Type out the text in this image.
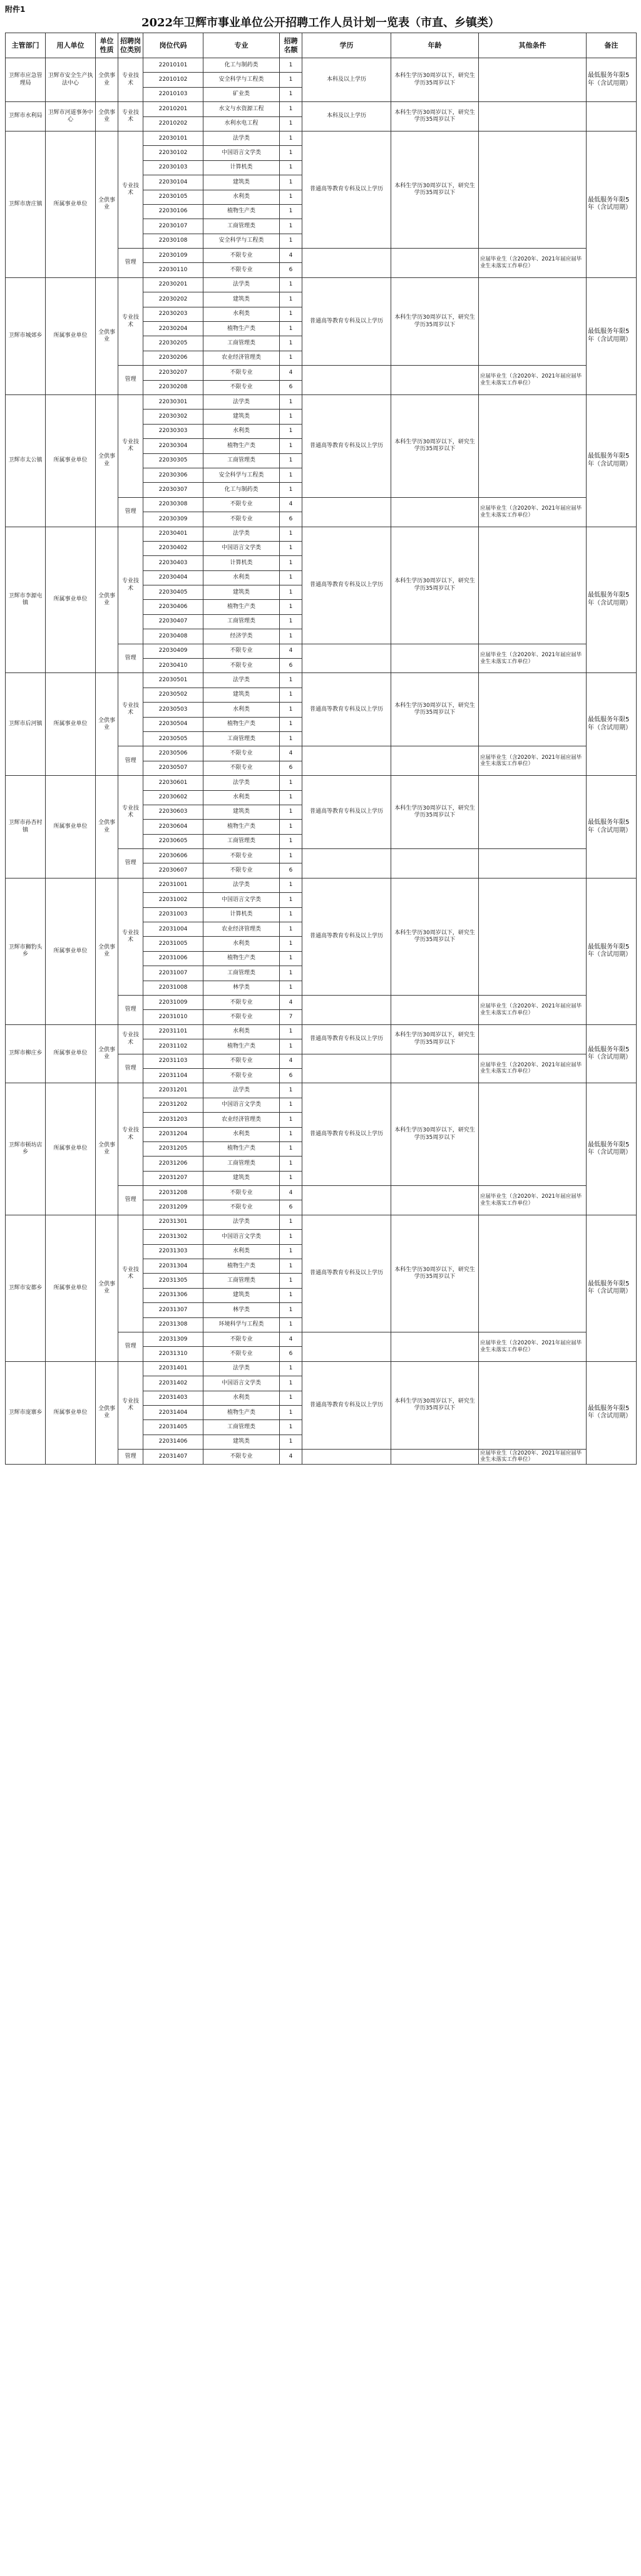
附件1
2022年卫辉市事业单位公开招聘工作人员计划一览表（市直、乡镇类）
主管部门	用人单位	单位性质	招聘岗位类别	岗位代码	专业	招聘名额	学历	年龄	其他条件	备注
卫辉市应急管理局	卫辉市安全生产执法中心	全供事业	专业技术	22010101	化工与制药类	1	本科及以上学历	本科生学历30周岁以下，研究生学历35周岁以下		最低服务年限5年（含试用期）
				22010102	安全科学与工程类	1				
				22010103	矿业类	1				
卫辉市水利局	卫辉市河道事务中心	全供事业	专业技术	22010201	水文与水资源工程	1	本科及以上学历	本科生学历30周岁以下，研究生学历35周岁以下		
				22010202	水利水电工程	1				
卫辉市唐庄镇	所属事业单位	全供事业	专业技术	22030101	法学类	1	普通高等教育专科及以上学历	本科生学历30周岁以下，研究生学历35周岁以下		最低服务年限5年（含试用期）
				22030102	中国语言文学类	1				
				22030103	计算机类	1				
				22030104	建筑类	1				
				22030105	水利类	1				
				22030106	植物生产类	1				
				22030107	工商管理类	1				
				22030108	安全科学与工程类	1				
			管理	22030109	不限专业	4			应届毕业生（含2020年、2021年届应届毕业生未落实工作单位）	
				22030110	不限专业	6				
卫辉市城郊乡	所属事业单位	全供事业	专业技术	22030201	法学类	1	普通高等教育专科及以上学历	本科生学历30周岁以下，研究生学历35周岁以下		最低服务年限5年（含试用期）
				22030202	建筑类	1				
				22030203	水利类	1				
				22030204	植物生产类	1				
				22030205	工商管理类	1				
				22030206	农业经济管理类	1				
			管理	22030207	不限专业	4			应届毕业生（含2020年、2021年届应届毕业生未落实工作单位）	
				22030208	不限专业	6				
卫辉市太公镇	所属事业单位	全供事业	专业技术	22030301	法学类	1	普通高等教育专科及以上学历	本科生学历30周岁以下，研究生学历35周岁以下		最低服务年限5年（含试用期）
				22030302	建筑类	1				
				22030303	水利类	1				
				22030304	植物生产类	1				
				22030305	工商管理类	1				
				22030306	安全科学与工程类	1				
				22030307	化工与制药类	1				
			管理	22030308	不限专业	4			应届毕业生（含2020年、2021年届应届毕业生未落实工作单位）	
				22030309	不限专业	6				
卫辉市李源屯镇	所属事业单位	全供事业	专业技术	22030401	法学类	1	普通高等教育专科及以上学历	本科生学历30周岁以下，研究生学历35周岁以下		最低服务年限5年（含试用期）
				22030402	中国语言文学类	1				
				22030403	计算机类	1				
				22030404	水利类	1				
				22030405	建筑类	1				
				22030406	植物生产类	1				
				22030407	工商管理类	1				
				22030408	经济学类	1				
			管理	22030409	不限专业	4			应届毕业生（含2020年、2021年届应届毕业生未落实工作单位）	
				22030410	不限专业	6				
卫辉市后河镇	所属事业单位	全供事业	专业技术	22030501	法学类	1	普通高等教育专科及以上学历	本科生学历30周岁以下，研究生学历35周岁以下		最低服务年限5年（含试用期）
				22030502	建筑类	1				
				22030503	水利类	1				
				22030504	植物生产类	1				
				22030505	工商管理类	1				
			管理	22030506	不限专业	4			应届毕业生（含2020年、2021年届应届毕业生未落实工作单位）	
				22030507	不限专业	6				
卫辉市孙杏村镇	所属事业单位	全供事业	专业技术	22030601	法学类	1	普通高等教育专科及以上学历	本科生学历30周岁以下，研究生学历35周岁以下		最低服务年限5年（含试用期）
				22030602	水利类	1				
				22030603	建筑类	1				
				22030604	植物生产类	1				
				22030605	工商管理类	1				
			管理	22030606	不限专业	1				
				22030607	不限专业	6				
卫辉市狮豹头乡	所属事业单位	全供事业	专业技术	22031001	法学类	1	普通高等教育专科及以上学历	本科生学历30周岁以下，研究生学历35周岁以下		最低服务年限5年（含试用期）
				22031002	中国语言文学类	1				
				22031003	计算机类	1				
				22031004	农业经济管理类	1				
				22031005	水利类	1				
				22031006	植物生产类	1				
				22031007	工商管理类	1				
				22031008	林学类	1				
			管理	22031009	不限专业	4			应届毕业生（含2020年、2021年届应届毕业生未落实工作单位）	
				22031010	不限专业	7				
卫辉市柳庄乡	所属事业单位	全供事业	专业技术	22031101	水利类	1	普通高等教育专科及以上学历	本科生学历30周岁以下，研究生学历35周岁以下		最低服务年限5年（含试用期）
				22031102	植物生产类	1				
			管理	22031103	不限专业	4			应届毕业生（含2020年、2021年届应届毕业生未落实工作单位）	
				22031104	不限专业	6				
卫辉市顿坊店乡	所属事业单位	全供事业	专业技术	22031201	法学类	1	普通高等教育专科及以上学历	本科生学历30周岁以下，研究生学历35周岁以下		最低服务年限5年（含试用期）
				22031202	中国语言文学类	1				
				22031203	农业经济管理类	1				
				22031204	水利类	1				
				22031205	植物生产类	1				
				22031206	工商管理类	1				
				22031207	建筑类	1				
			管理	22031208	不限专业	4			应届毕业生（含2020年、2021年届应届毕业生未落实工作单位）	
				22031209	不限专业	6				
卫辉市安都乡	所属事业单位	全供事业	专业技术	22031301	法学类	1	普通高等教育专科及以上学历	本科生学历30周岁以下，研究生学历35周岁以下		最低服务年限5年（含试用期）
				22031302	中国语言文学类	1				
				22031303	水利类	1				
				22031304	植物生产类	1				
				22031305	工商管理类	1				
				22031306	建筑类	1				
				22031307	林学类	1				
				22031308	环境科学与工程类	1				
			管理	22031309	不限专业	4			应届毕业生（含2020年、2021年届应届毕业生未落实工作单位）	
				22031310	不限专业	6				
卫辉市庞寨乡	所属事业单位	全供事业	专业技术	22031401	法学类	1	普通高等教育专科及以上学历	本科生学历30周岁以下，研究生学历35周岁以下		最低服务年限5年（含试用期）
				22031402	中国语言文学类	1				
				22031403	水利类	1				
				22031404	植物生产类	1				
				22031405	工商管理类	1				
				22031406	建筑类	1				
			管理	22031407	不限专业	4			应届毕业生（含2020年、2021年届应届毕业生未落实工作单位）	
